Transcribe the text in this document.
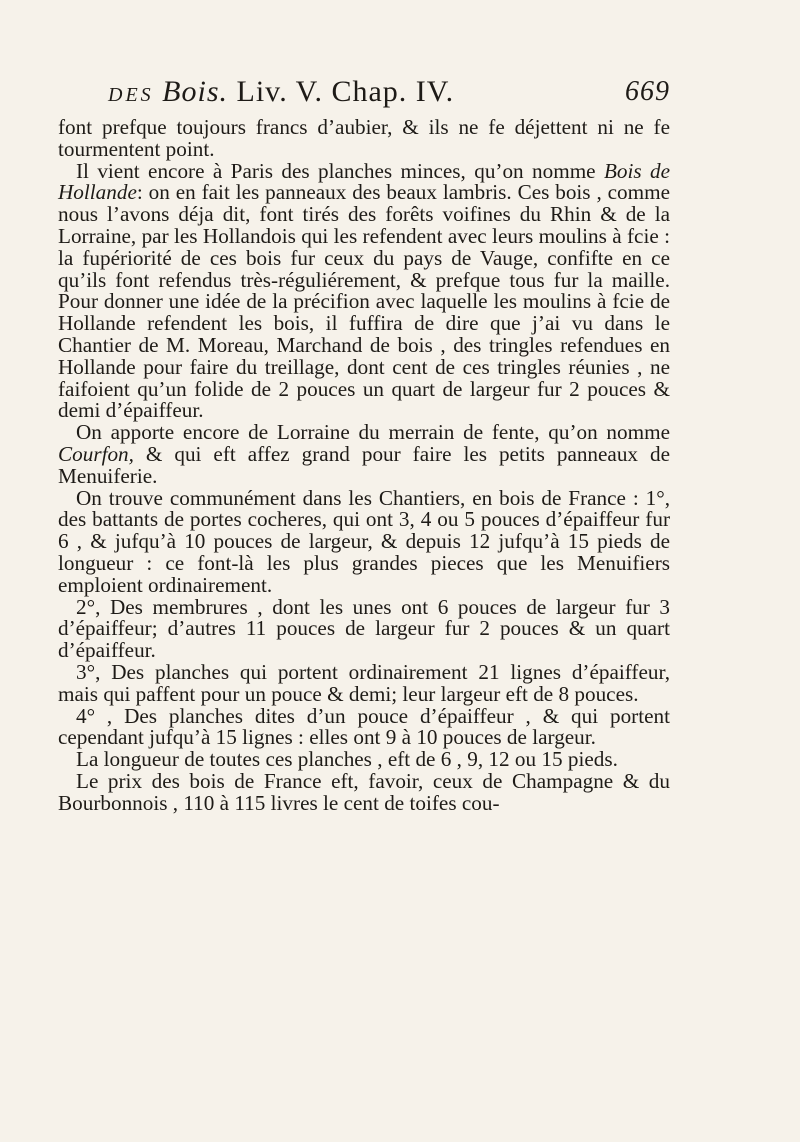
DES Bois. Liv. V. Chap. IV.	669

font prefque toujours francs d’aubier, & ils ne fe déjettent ni ne fe tourmentent point.

Il vient encore à Paris des planches minces, qu’on nomme Bois de Hollande: on en fait les panneaux des beaux lambris. Ces bois , comme nous l’avons déja dit, font tirés des forêts voifines du Rhin & de la Lorraine, par les Hollandois qui les refendent avec leurs moulins à fcie : la fupériorité de ces bois fur ceux du pays de Vauge, confifte en ce qu’ils font refendus très-réguliérement, & prefque tous fur la maille. Pour donner une idée de la précifion avec laquelle les moulins à fcie de Hollande refendent les bois, il fuffira de dire que j’ai vu dans le Chantier de M. Moreau, Marchand de bois , des tringles refendues en Hollande pour faire du treillage, dont cent de ces tringles réunies , ne faifoient qu’un folide de 2 pouces un quart de largeur fur 2 pouces & demi d’épaiffeur.

On apporte encore de Lorraine du merrain de fente, qu’on nomme Courfon, & qui eft affez grand pour faire les petits panneaux de Menuiferie.

On trouve communément dans les Chantiers, en bois de France : 1°, des battants de portes cocheres, qui ont 3, 4 ou 5 pouces d’épaiffeur fur 6 , & jufqu’à 10 pouces de largeur, & depuis 12 jufqu’à 15 pieds de longueur : ce font-là les plus grandes pieces que les Menuifiers emploient ordinairement.

2°, Des membrures , dont les unes ont 6 pouces de largeur fur 3 d’épaiffeur; d’autres 11 pouces de largeur fur 2 pouces & un quart d’épaiffeur.

3°, Des planches qui portent ordinairement 21 lignes d’épaiffeur, mais qui paffent pour un pouce & demi; leur largeur eft de 8 pouces.

4° , Des planches dites d’un pouce d’épaiffeur , & qui portent cependant jufqu’à 15 lignes : elles ont 9 à 10 pouces de largeur.

La longueur de toutes ces planches , eft de 6 , 9, 12 ou 15 pieds.

Le prix des bois de France eft, favoir, ceux de Champagne & du Bourbonnois , 110 à 115 livres le cent de toifes cou-
